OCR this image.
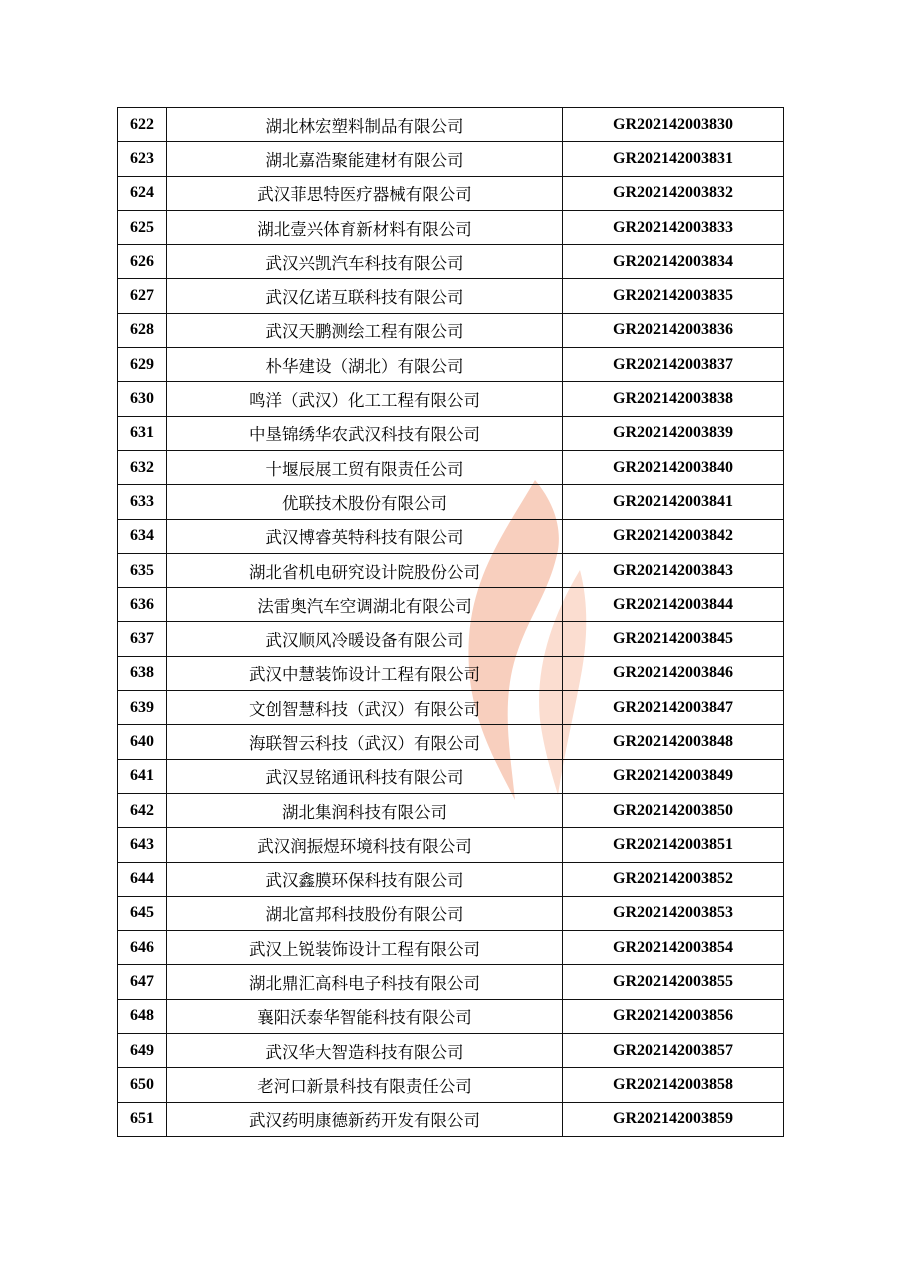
622	湖北林宏塑料制品有限公司	GR202142003830
623	湖北嘉浩聚能建材有限公司	GR202142003831
624	武汉菲思特医疗器械有限公司	GR202142003832
625	湖北壹兴体育新材料有限公司	GR202142003833
626	武汉兴凯汽车科技有限公司	GR202142003834
627	武汉亿诺互联科技有限公司	GR202142003835
628	武汉天鹏测绘工程有限公司	GR202142003836
629	朴华建设（湖北）有限公司	GR202142003837
630	鸣洋（武汉）化工工程有限公司	GR202142003838
631	中垦锦绣华农武汉科技有限公司	GR202142003839
632	十堰辰展工贸有限责任公司	GR202142003840
633	优联技术股份有限公司	GR202142003841
634	武汉博睿英特科技有限公司	GR202142003842
635	湖北省机电研究设计院股份公司	GR202142003843
636	法雷奥汽车空调湖北有限公司	GR202142003844
637	武汉顺风冷暖设备有限公司	GR202142003845
638	武汉中慧装饰设计工程有限公司	GR202142003846
639	文创智慧科技（武汉）有限公司	GR202142003847
640	海联智云科技（武汉）有限公司	GR202142003848
641	武汉昱铭通讯科技有限公司	GR202142003849
642	湖北集润科技有限公司	GR202142003850
643	武汉润振煜环境科技有限公司	GR202142003851
644	武汉鑫膜环保科技有限公司	GR202142003852
645	湖北富邦科技股份有限公司	GR202142003853
646	武汉上锐装饰设计工程有限公司	GR202142003854
647	湖北鼎汇高科电子科技有限公司	GR202142003855
648	襄阳沃泰华智能科技有限公司	GR202142003856
649	武汉华大智造科技有限公司	GR202142003857
650	老河口新景科技有限责任公司	GR202142003858
651	武汉药明康德新药开发有限公司	GR202142003859
